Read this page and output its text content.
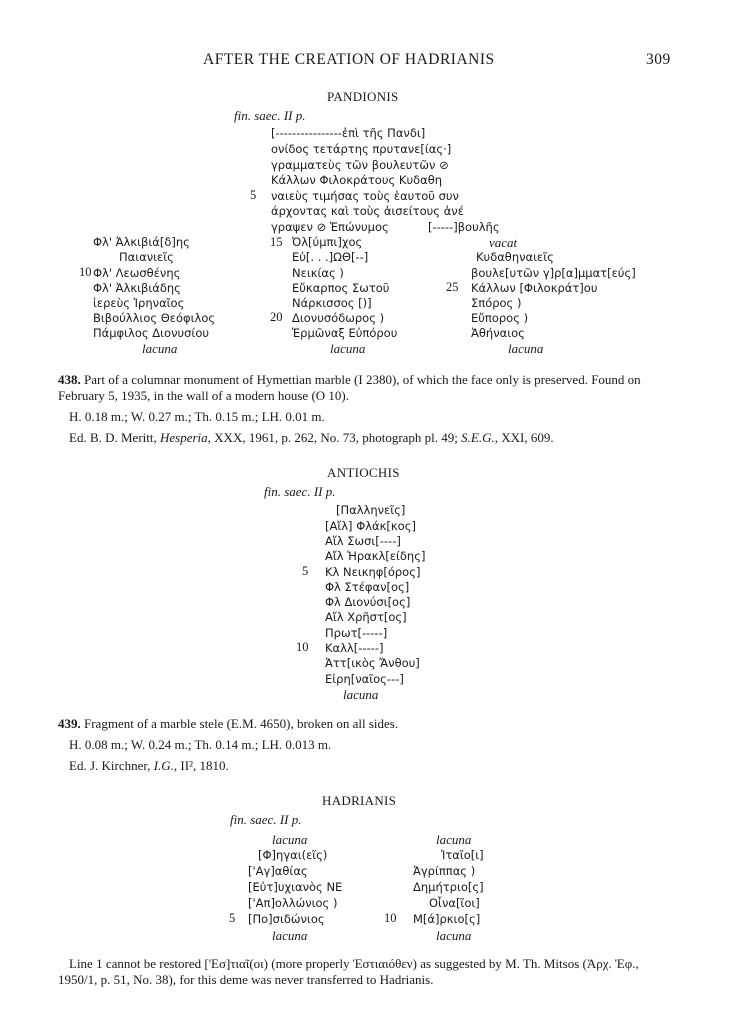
AFTER THE CREATION OF HADRIANIS	309
PANDIONIS
fin. saec. II p.
[‑‑‑‑‑‑‑‑‑‑‑‑‑‑‑‑ἐπὶ τῆς Πανδι]
ονίδος τετάρτης πρυτανε[ίας·]
γραμματεὺς τῶν βουλευτῶν ⊘
Κάλλων Φιλοκράτους Κυδαθη
5 ναιεὺς τιμήσας τοὺς ἑαυτοῦ συν
άρχοντας καὶ τοὺς ἀισείτους ἀνέ
γραψεν ⊘ Ἐπώνυμος	[‑‑‑‑‑]βουλῆς
Φλ' Ἀλκιβιά[δ]ης
Παιανιεῖς
10 Φλ' Λεωσθένης
Φλ' Ἀλκιβιάδης
ἱερεὺς Ἰρηναῖος
Βιβούλλιος Θεόφιλος
Πάμφιλος Διονυσίου
lacuna
15 Ὀλ[ύμπι]χος
Εὐ[. . .]ΩΘ[‑‑]
Νεικίας )
Εὔκαρπος Σωτοῦ
Νάρκισσος [)]
20 Διονυσόδωρος )
Ἑρμῶναξ Εὐπόρου
lacuna
vacat
Κυδαθηναιεῖς
βουλε[υτῶν γ]ρ[α]μματ[εύς]
25 Κάλλων [Φιλοκράτ]ου
Σπόρος )
Εὔπορος )
Ἀθήναιος
lacuna
438. Part of a columnar monument of Hymettian marble (I 2380), of which the face only is preserved. Found on
February 5, 1935, in the wall of a modern house (O 10).
H. 0.18 m.; W. 0.27 m.; Th. 0.15 m.; LH. 0.01 m.
Ed. B. D. Meritt, Hesperia, XXX, 1961, p. 262, No. 73, photograph pl. 49; S.E.G., XXI, 609.
ANTIOCHIS
fin. saec. II p.
[Παλληνεῖς]
[Αἴλ] Φλάκ[κος]
Αἴλ Σωσι[‑‑‑‑]
Αἴλ Ἡρακλ[είδης]
5 Κλ Νεικηφ[όρος]
Φλ Στέφαν[ος]
Φλ Διονύσι[ος]
Αἴλ Χρῆστ[ος]
Πρωτ[‑‑‑‑‑]
10 Καλλ[‑‑‑‑‑]
Ἀττ[ικὸς Ἄνθου]
Εἰρη[ναῖος‑‑‑]
lacuna
439. Fragment of a marble stele (E.M. 4650), broken on all sides.
H. 0.08 m.; W. 0.24 m.; Th. 0.14 m.; LH. 0.013 m.
Ed. J. Kirchner, I.G., II², 1810.
HADRIANIS
fin. saec. II p.
lacuna
[Φ]ηγαι(εῖς)
['Αγ]αθίας
[Εὐτ]υχιανὸς ΝΕ
['Απ]ολλώνιος )
5 [Πο]σιδώνιος
lacuna
lacuna
Ἰταῖο[ι]
Ἀγρίππας )
Δημήτριο[ς]
Οἶνα[ῖοι]
10 Μ[ά]ρκιο[ς]
lacuna
Line 1 cannot be restored ['Εσ]τιαῖ(οι) (more properly Ἑστιαιόθεν) as suggested by M. Th. Mitsos (Ἀρχ. Ἐφ.,
1950/1, p. 51, No. 38), for this deme was never transferred to Hadrianis.
